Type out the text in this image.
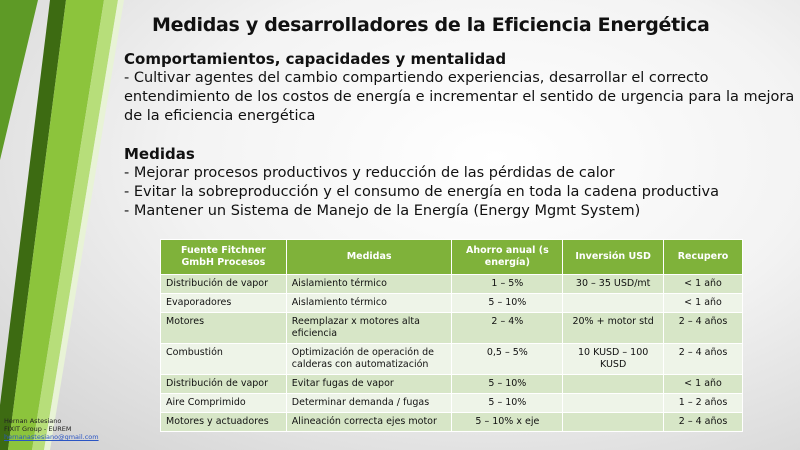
Medidas y desarrolladores de la Eficiencia Energética
Comportamientos, capacidades y mentalidad
- Cultivar agentes del cambio compartiendo experiencias, desarrollar el correcto
entendimiento de los costos de energía e incrementar el sentido de urgencia para la mejora
de la eficiencia energética
Medidas
- Mejorar procesos productivos y reducción de las pérdidas de calor
- Evitar la sobreproducción y el consumo de energía en toda la cadena productiva
- Mantener un Sistema de Manejo de la Energía (Energy Mgmt System)
Fuente Fitchner GmbH Procesos	Medidas	Ahorro anual (s energía)	Inversión USD	Recupero
Distribución de vapor	Aislamiento térmico	1 – 5%	30 – 35 USD/mt	< 1 año
Evaporadores	Aislamiento térmico	5 – 10%		< 1 año
Motores	Reemplazar x motores alta eficiencia	2 – 4%	20% + motor std	2 – 4 años
Combustión	Optimización de operación de calderas con automatización	0,5 – 5%	10 KUSD – 100 KUSD	2 – 4 años
Distribución de vapor	Evitar fugas de vapor	5 – 10%		< 1 año
Aire Comprimido	Determinar demanda / fugas	5 – 10%		1 – 2 años
Motores y actuadores	Alineación correcta ejes motor	5 – 10% x eje		2 – 4 años
Hernan Astesiano
FIXIT Group - EUREM
hernanastesiano@gmail.com
